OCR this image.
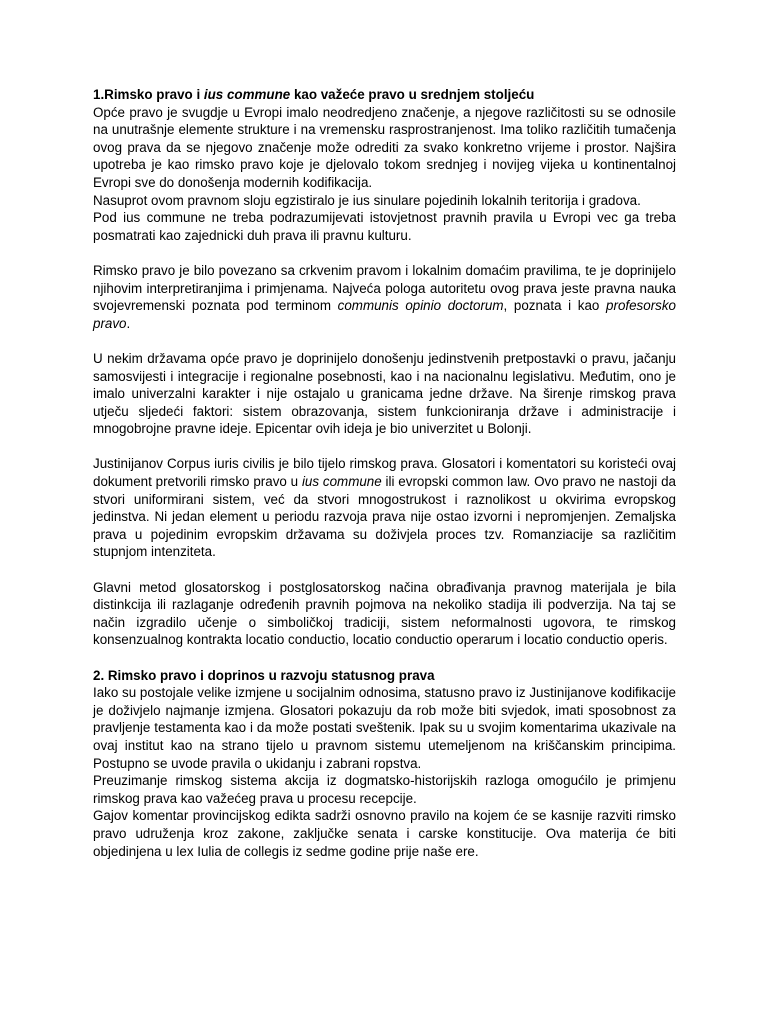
1.Rimsko pravo i ius commune kao važeće pravo u srednjem stoljeću

Opće pravo je svugdje u Evropi imalo neodredjeno značenje, a njegove različitosti su se odnosile na unutrašnje elemente strukture i na vremensku rasprostranjenost. Ima toliko različitih tumačenja ovog prava da se njegovo značenje može odrediti za svako konkretno vrijeme i prostor. Najšira upotreba je kao rimsko pravo koje je djelovalo tokom srednjeg i novijeg vijeka u kontinentalnoj Evropi sve do donošenja modernih kodifikacija.

Nasuprot ovom pravnom sloju egzistiralo je ius sinulare pojedinih lokalnih teritorija i gradova.

Pod ius commune ne treba podrazumijevati istovjetnost pravnih pravila u Evropi vec ga treba posmatrati kao zajednicki duh prava ili pravnu kulturu.

Rimsko pravo je bilo povezano sa crkvenim pravom i lokalnim domaćim pravilima, te je doprinijelo njihovim interpretiranjima i primjenama. Najveća pologa autoritetu ovog prava jeste pravna nauka svojevremenski poznata pod terminom communis opinio doctorum, poznata i kao profesorsko pravo.

U nekim državama opće pravo je doprinijelo donošenju jedinstvenih pretpostavki o pravu, jačanju samosvijesti i integracije i regionalne posebnosti, kao i na nacionalnu legislativu. Međutim, ono je imalo univerzalni karakter i nije ostajalo u granicama jedne države. Na širenje rimskog prava utječu sljedeći faktori: sistem obrazovanja, sistem funkcioniranja države i administracije i mnogobrojne pravne ideje. Epicentar ovih ideja je bio univerzitet u Bolonji.

Justinijanov Corpus iuris civilis je bilo tijelo rimskog prava. Glosatori i komentatori su koristeći ovaj dokument pretvorili rimsko pravo u ius commune ili evropski common law. Ovo pravo ne nastoji da stvori uniformirani sistem, već da stvori mnogostrukost i raznolikost u okvirima evropskog jedinstva. Ni jedan element u periodu razvoja prava nije ostao izvorni i nepromjenjen. Zemaljska prava u pojedinim evropskim državama su doživjela proces tzv. Romanziacije sa različitim stupnjom intenziteta.

Glavni metod glosatorskog i postglosatorskog načina obrađivanja pravnog materijala je bila distinkcija ili razlaganje određenih pravnih pojmova na nekoliko stadija ili podverzija. Na taj se način izgradilo učenje o simboličkoj tradiciji, sistem neformalnosti ugovora, te rimskog konsenzualnog kontrakta locatio conductio, locatio conductio operarum i locatio conductio operis.

2. Rimsko pravo i doprinos u razvoju statusnog prava

Iako su postojale velike izmjene u socijalnim odnosima, statusno pravo iz Justinijanove kodifikacije je doživjelo najmanje izmjena. Glosatori pokazuju da rob može biti svjedok, imati sposobnost za pravljenje testamenta kao i da može postati sveštenik. Ipak su u svojim komentarima ukazivale na ovaj institut kao na strano tijelo u pravnom sistemu utemeljenom na kriščanskim principima. Postupno se uvode pravila o ukidanju i zabrani ropstva.

Preuzimanje rimskog sistema akcija iz dogmatsko-historijskih razloga omogućilo je primjenu rimskog prava kao važećeg prava u procesu recepcije.

Gajov komentar provincijskog edikta sadrži osnovno pravilo na kojem će se kasnije razviti rimsko pravo udruženja kroz zakone, zaključke senata i carske konstitucije. Ova materija će biti objedinjena u lex Iulia de collegis iz sedme godine prije naše ere.
